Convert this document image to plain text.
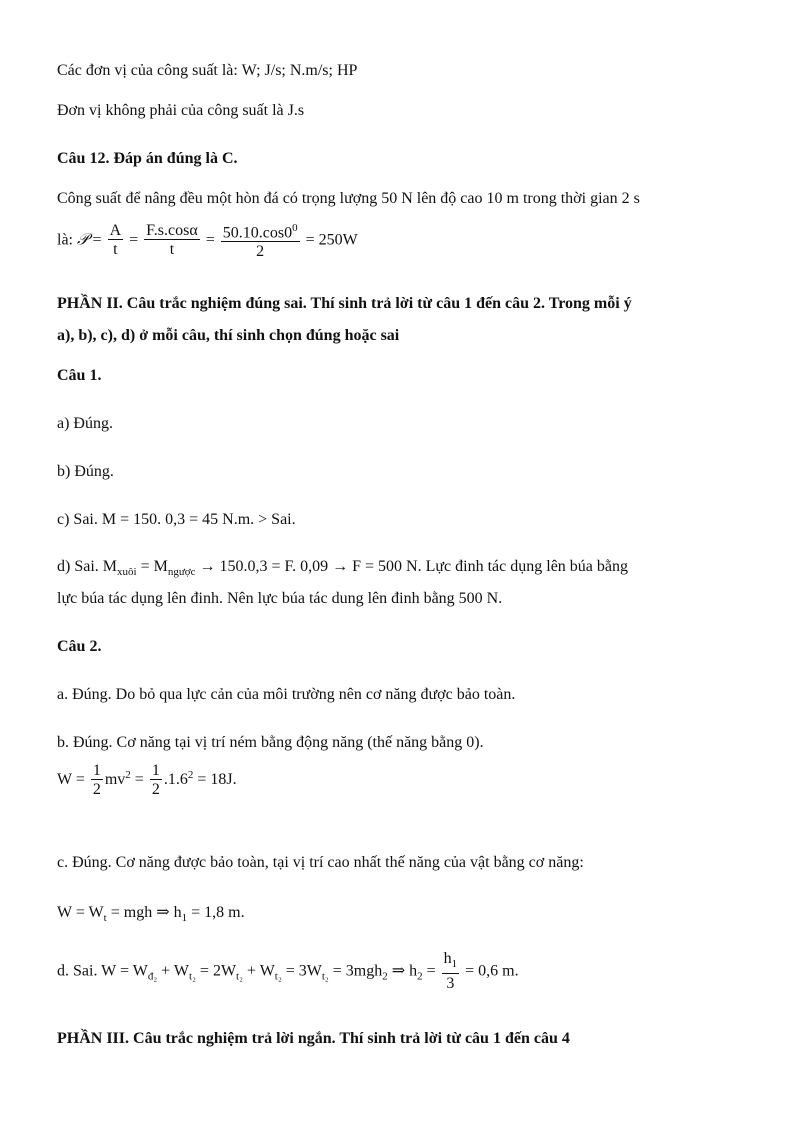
Các đơn vị của công suất là: W; J/s; N.m/s; HP
Đơn vị không phải của công suất là J.s
Câu 12. Đáp án đúng là C.
Công suất để nâng đều một hòn đá có trọng lượng 50 N lên độ cao 10 m trong thời gian 2 s
là: 𝒫 = $\frac{A}{t} = \frac{F.s.\cos\alpha}{t} = \frac{50.10.\cos 0^0}{2} = 250W$
PHẦN II. Câu trắc nghiệm đúng sai. Thí sinh trả lời từ câu 1 đến câu 2. Trong mỗi ý
a), b), c), d) ở mỗi câu, thí sinh chọn đúng hoặc sai
Câu 1.
a) Đúng.
b) Đúng.
c) Sai. M = 150. 0,3 = 45 N.m. > Sai.
d) Sai. $M_{xuôi} = M_{ngược} \to 150.0,3 = F$. 0,09 → F = 500 N. Lực đinh tác dụng lên búa bằng
lực búa tác dụng lên đinh. Nên lực búa tác dung lên đinh bằng 500 N.
Câu 2.
a. Đúng. Do bỏ qua lực cản của môi trường nên cơ năng được bảo toàn.
b. Đúng. Cơ năng tại vị trí ném bằng động năng (thế năng bằng 0).
$W = \frac{1}{2} mv^2 = \frac{1}{2} .1.6^2 = 18J$.
c. Đúng. Cơ năng được bảo toàn, tại vị trí cao nhất thế năng của vật bằng cơ năng:
$W = W_t$ = mgh ⇒ $h_1 = 1,8$ m.
d. Sai. $W = W_{đ_2} + W_{t_2} = 2W_{t_2} + W_{t_2} = 3W_{t_2} = 3mgh_2$ ⇒ $h_2 = \frac{h_1}{3} = 0,6$ m.
PHẦN III. Câu trắc nghiệm trả lời ngắn. Thí sinh trả lời từ câu 1 đến câu 4
